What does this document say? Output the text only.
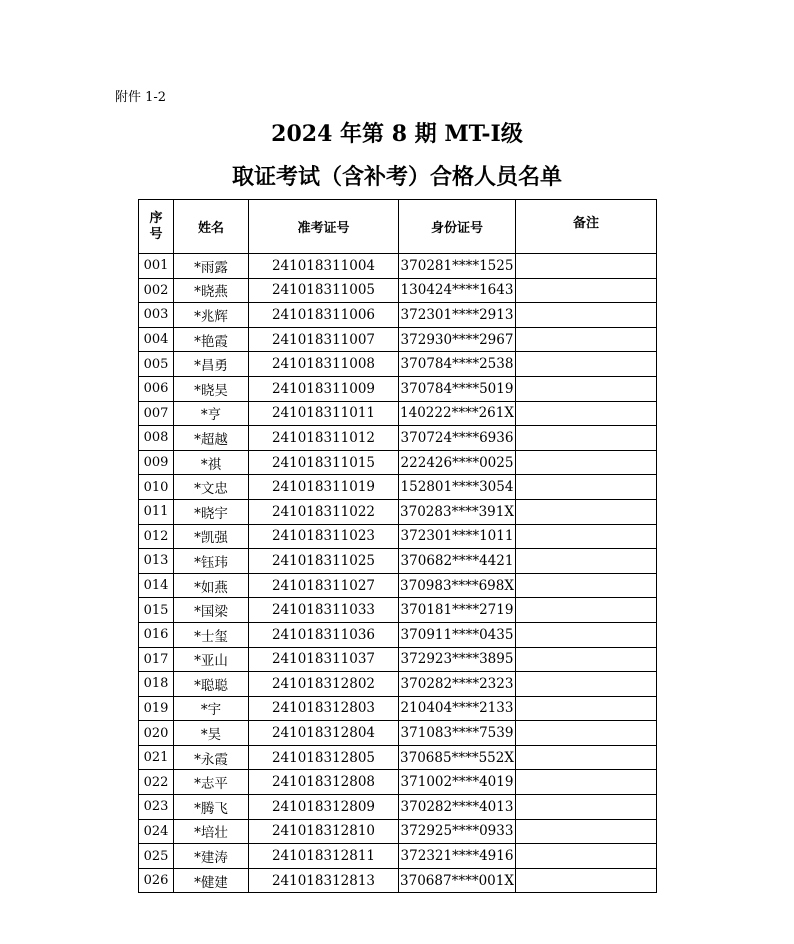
附件 1-2
2024 年第 8 期 MT-Ⅰ级
取证考试（含补考）合格人员名单
序
号	姓名	准考证号	身份证号	备注
001	*雨露	241018311004	370281****1525	
002	*晓燕	241018311005	130424****1643	
003	*兆辉	241018311006	372301****2913	
004	*艳霞	241018311007	372930****2967	
005	*昌勇	241018311008	370784****2538	
006	*晓昊	241018311009	370784****5019	
007	*亨	241018311011	140222****261X	
008	*超越	241018311012	370724****6936	
009	*祺	241018311015	222426****0025	
010	*文忠	241018311019	152801****3054	
011	*晓宇	241018311022	370283****391X	
012	*凯强	241018311023	372301****1011	
013	*钰玮	241018311025	370682****4421	
014	*如燕	241018311027	370983****698X	
015	*国梁	241018311033	370181****2719	
016	*士玺	241018311036	370911****0435	
017	*亚山	241018311037	372923****3895	
018	*聪聪	241018312802	370282****2323	
019	*宇	241018312803	210404****2133	
020	*昊	241018312804	371083****7539	
021	*永霞	241018312805	370685****552X	
022	*志平	241018312808	371002****4019	
023	*腾飞	241018312809	370282****4013	
024	*培壮	241018312810	372925****0933	
025	*建涛	241018312811	372321****4916	
026	*健建	241018312813	370687****001X	
